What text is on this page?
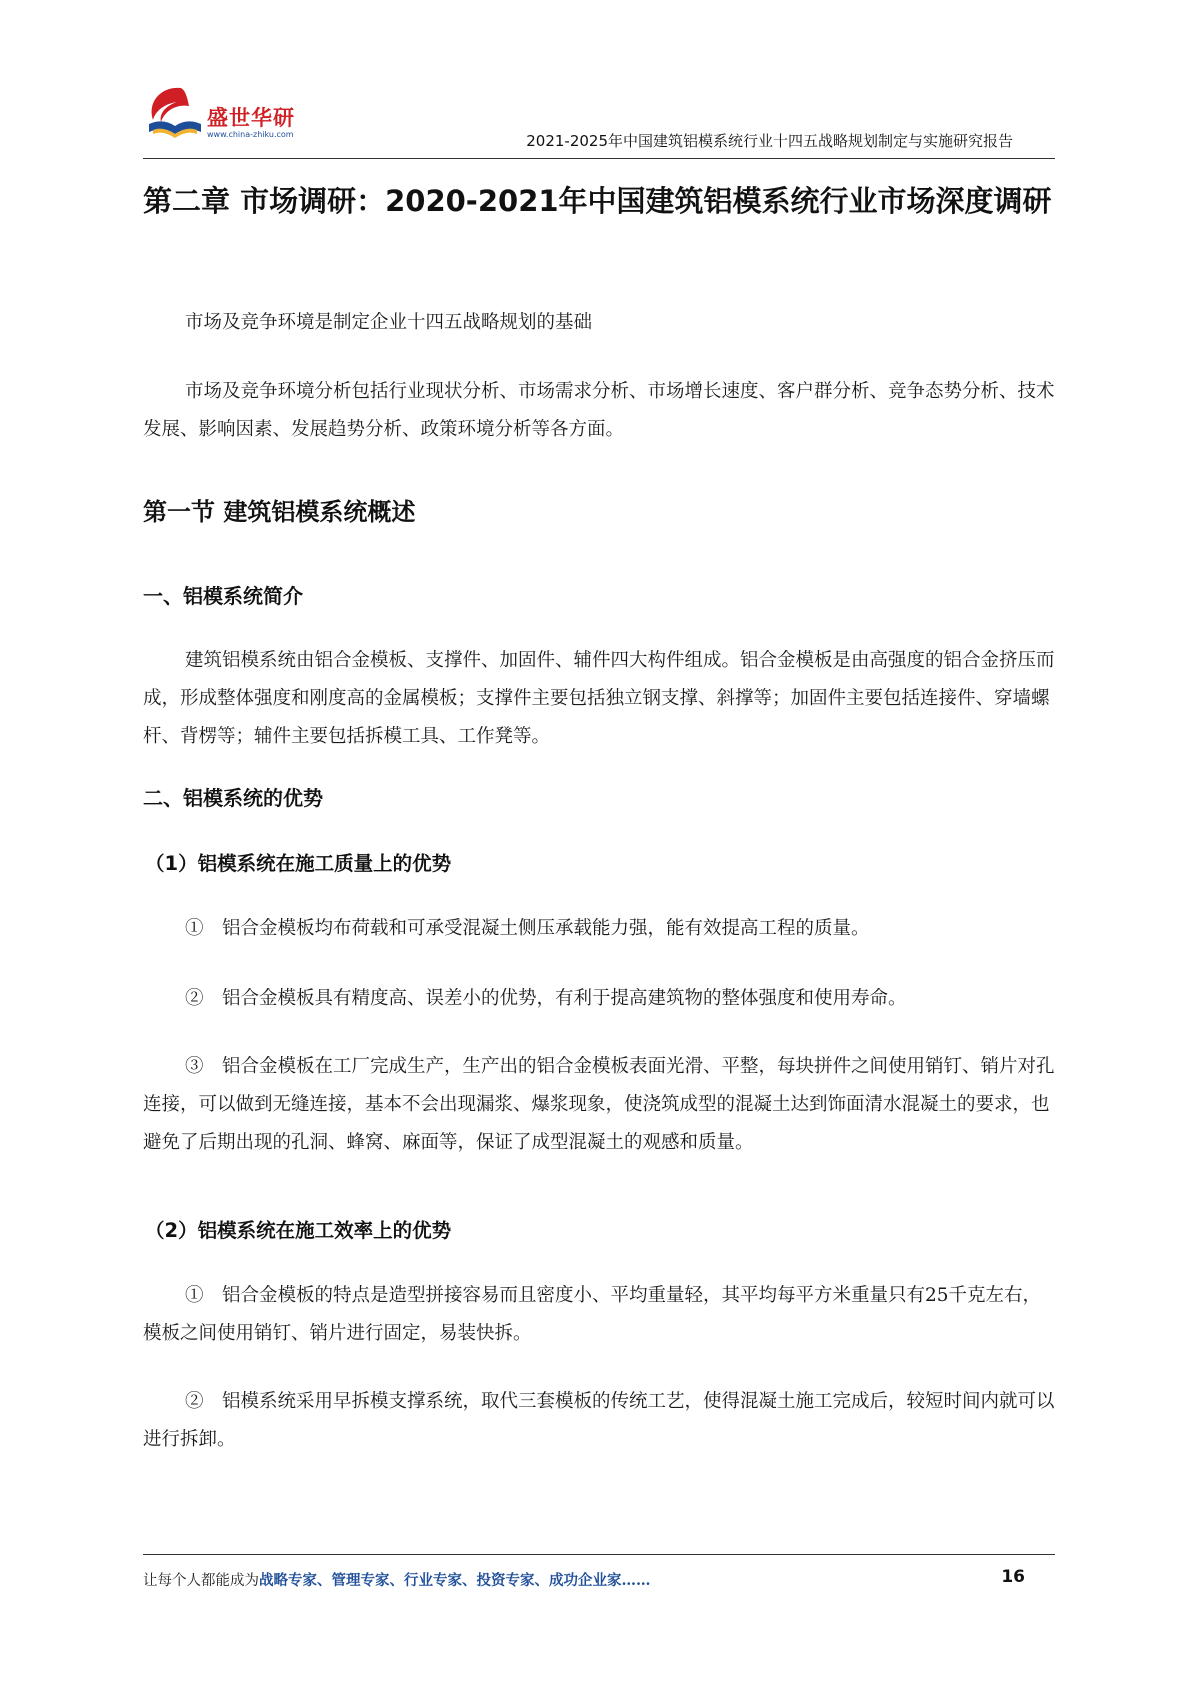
盛世华研
www.china-zhiku.com	2021-2025年中国建筑铝模系统行业十四五战略规划制定与实施研究报告
第二章 市场调研：2020-2021年中国建筑铝模系统行业市场深度调研
市场及竞争环境是制定企业十四五战略规划的基础
市场及竞争环境分析包括行业现状分析、市场需求分析、市场增长速度、客户群分析、竞争态势分析、技术发展、影响因素、发展趋势分析、政策环境分析等各方面。
第一节 建筑铝模系统概述
一、铝模系统简介
建筑铝模系统由铝合金模板、支撑件、加固件、辅件四大构件组成。铝合金模板是由高强度的铝合金挤压而成，形成整体强度和刚度高的金属模板；支撑件主要包括独立钢支撑、斜撑等；加固件主要包括连接件、穿墙螺杆、背楞等；辅件主要包括拆模工具、工作凳等。
二、铝模系统的优势
（1）铝模系统在施工质量上的优势
①　铝合金模板均布荷载和可承受混凝土侧压承载能力强，能有效提高工程的质量。
②　铝合金模板具有精度高、误差小的优势，有利于提高建筑物的整体强度和使用寿命。
③　铝合金模板在工厂完成生产，生产出的铝合金模板表面光滑、平整，每块拼件之间使用销钉、销片对孔连接，可以做到无缝连接，基本不会出现漏浆、爆浆现象，使浇筑成型的混凝土达到饰面清水混凝土的要求，也避免了后期出现的孔洞、蜂窝、麻面等，保证了成型混凝土的观感和质量。
（2）铝模系统在施工效率上的优势
①　铝合金模板的特点是造型拼接容易而且密度小、平均重量轻，其平均每平方米重量只有25千克左右，模板之间使用销钉、销片进行固定，易装快拆。
②　铝模系统采用早拆模支撑系统，取代三套模板的传统工艺，使得混凝土施工完成后，较短时间内就可以进行拆卸。
让每个人都能成为战略专家、管理专家、行业专家、投资专家、成功企业家……	16
